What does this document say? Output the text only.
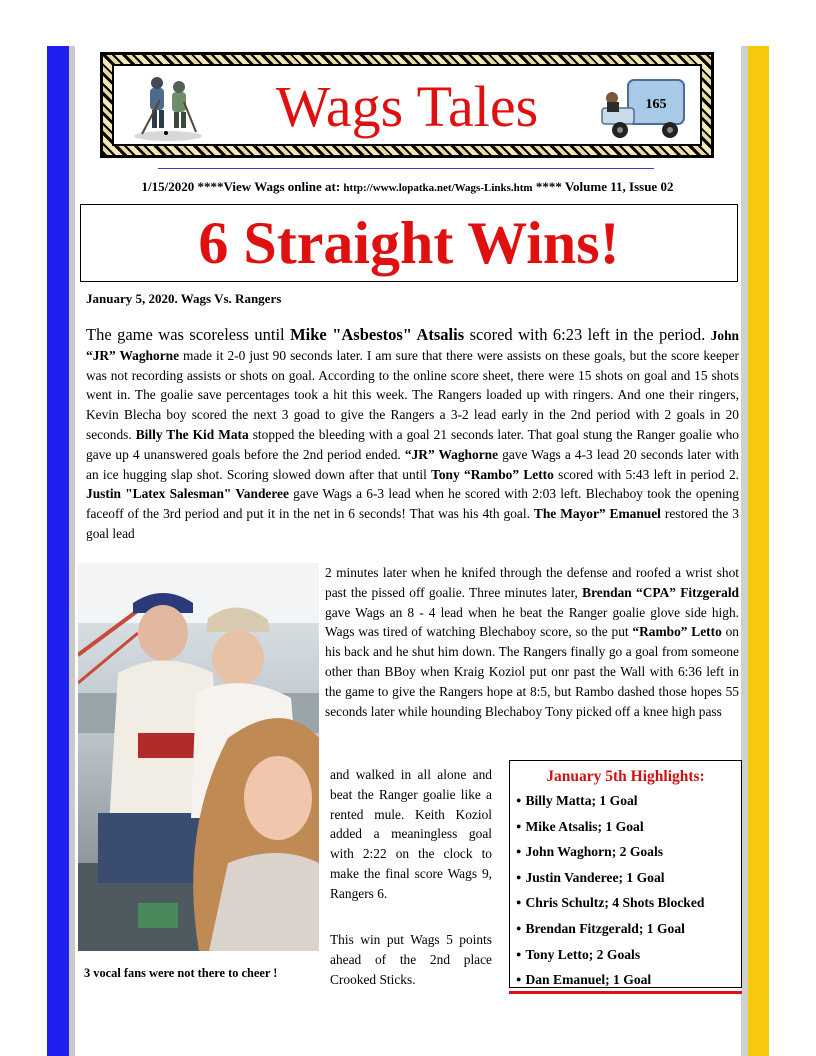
Wags Tales	165
1/15/2020 ****View Wags online at: http://www.lopatka.net/Wags-Links.htm **** Volume 11, Issue 02
6 Straight Wins!
January 5, 2020. Wags Vs. Rangers
The game was scoreless until Mike "Asbestos" Atsalis scored with 6:23 left in the period. John “JR” Waghorne made it 2-0 just 90 seconds later. I am sure that there were assists on these goals, but the score keeper was not recording assists or shots on goal. According to the online score sheet, there were 15 shots on goal and 15 shots went in. The goalie save percentages took a hit this week. The Rangers loaded up with ringers. And one their ringers, Kevin Blecha boy scored the next 3 goad to give the Rangers a 3-2 lead early in the 2nd period with 2 goals in 20 seconds. Billy The Kid Mata stopped the bleeding with a goal 21 seconds later. That goal stung the Ranger goalie who gave up 4 unanswered goals before the 2nd period ended. “JR” Waghorne gave Wags a 4-3 lead 20 seconds later with an ice hugging slap shot. Scoring slowed down after that until Tony “Rambo” Letto scored with 5:43 left in period 2. Justin "Latex Salesman" Vanderee gave Wags a 6-3 lead when he scored with 2:03 left. Blechaboy took the opening faceoff of the 3rd period and put it in the net in 6 seconds! That was his 4th goal. The Mayor” Emanuel restored the 3 goal lead
2 minutes later when he knifed through the defense and roofed a wrist shot past the pissed off goalie. Three minutes later, Brendan “CPA” Fitzgerald gave Wags an 8 - 4 lead when he beat the Ranger goalie glove side high. Wags was tired of watching Blechaboy score, so the put “Rambo” Letto on his back and he shut him down. The Rangers finally go a goal from someone other than BBoy when Kraig Koziol put onr past the Wall with 6:36 left in the game to give the Rangers hope at 8:5, but Rambo dashed those hopes 55 seconds later while hounding Blechaboy Tony picked off a knee high pass
and walked in all alone and beat the Ranger goalie like a rented mule. Keith Koziol added a meaningless goal with 2:22 on the clock to make the final score Wags 9, Rangers 6.
This win put Wags 5 points ahead of the 2nd place Crooked Sticks.
3 vocal fans were not there to cheer !
January 5th Highlights:
● Billy Matta; 1 Goal
● Mike Atsalis; 1 Goal
● John Waghorn; 2 Goals
● Justin Vanderee; 1 Goal
● Chris Schultz; 4 Shots Blocked
● Brendan Fitzgerald; 1 Goal
● Tony Letto; 2 Goals
● Dan Emanuel; 1 Goal
